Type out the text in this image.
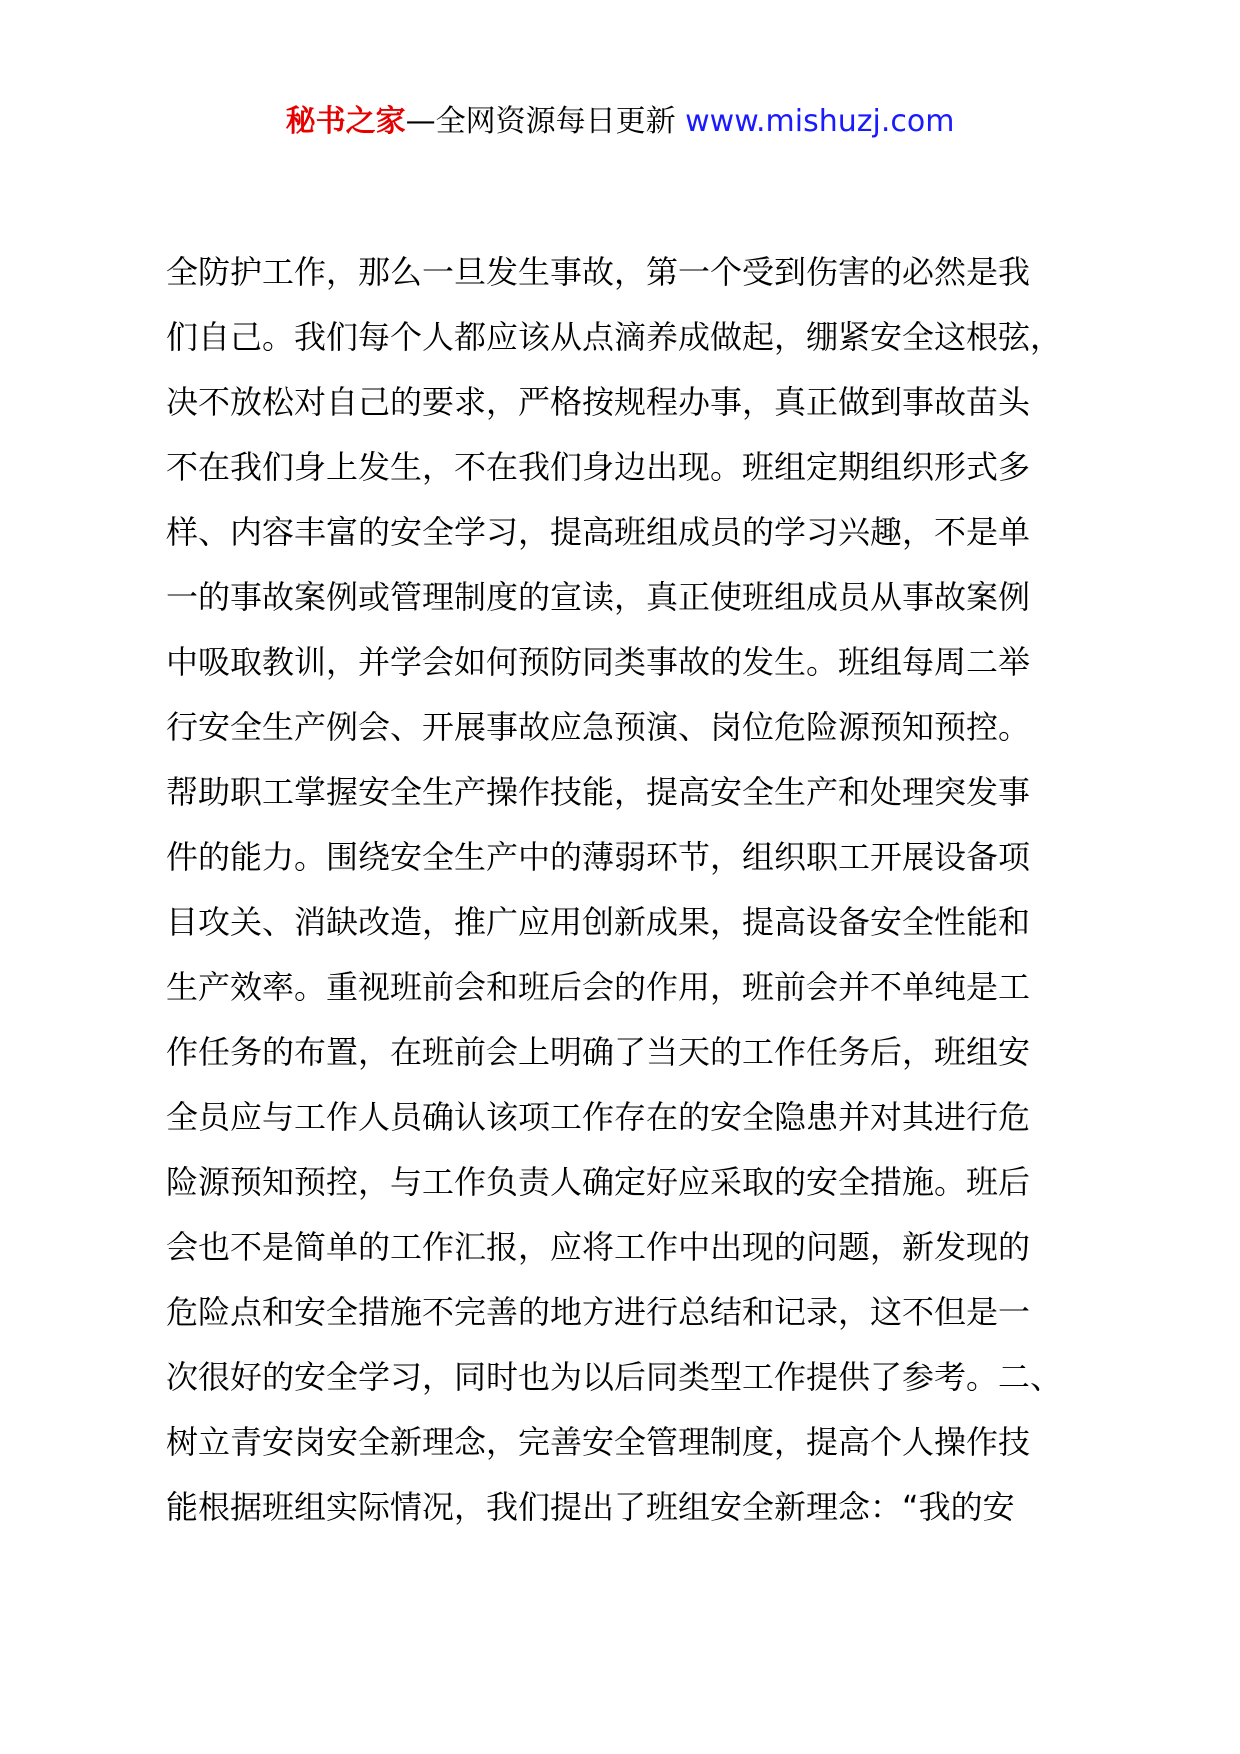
秘书之家—全网资源每日更新 www.mishuzj.com
全防护工作，那么一旦发生事故，第一个受到伤害的必然是我
们自己。我们每个人都应该从点滴养成做起，绷紧安全这根弦，
决不放松对自己的要求，严格按规程办事，真正做到事故苗头
不在我们身上发生，不在我们身边出现。班组定期组织形式多
样、内容丰富的安全学习，提高班组成员的学习兴趣，不是单
一的事故案例或管理制度的宣读，真正使班组成员从事故案例
中吸取教训，并学会如何预防同类事故的发生。班组每周二举
行安全生产例会、开展事故应急预演、岗位危险源预知预控。
帮助职工掌握安全生产操作技能，提高安全生产和处理突发事
件的能力。围绕安全生产中的薄弱环节，组织职工开展设备项
目攻关、消缺改造，推广应用创新成果，提高设备安全性能和
生产效率。重视班前会和班后会的作用，班前会并不单纯是工
作任务的布置，在班前会上明确了当天的工作任务后，班组安
全员应与工作人员确认该项工作存在的安全隐患并对其进行危
险源预知预控，与工作负责人确定好应采取的安全措施。班后
会也不是简单的工作汇报，应将工作中出现的问题，新发现的
危险点和安全措施不完善的地方进行总结和记录，这不但是一
次很好的安全学习，同时也为以后同类型工作提供了参考。二、
树立青安岗安全新理念，完善安全管理制度，提高个人操作技
能根据班组实际情况，我们提出了班组安全新理念：“我的安
